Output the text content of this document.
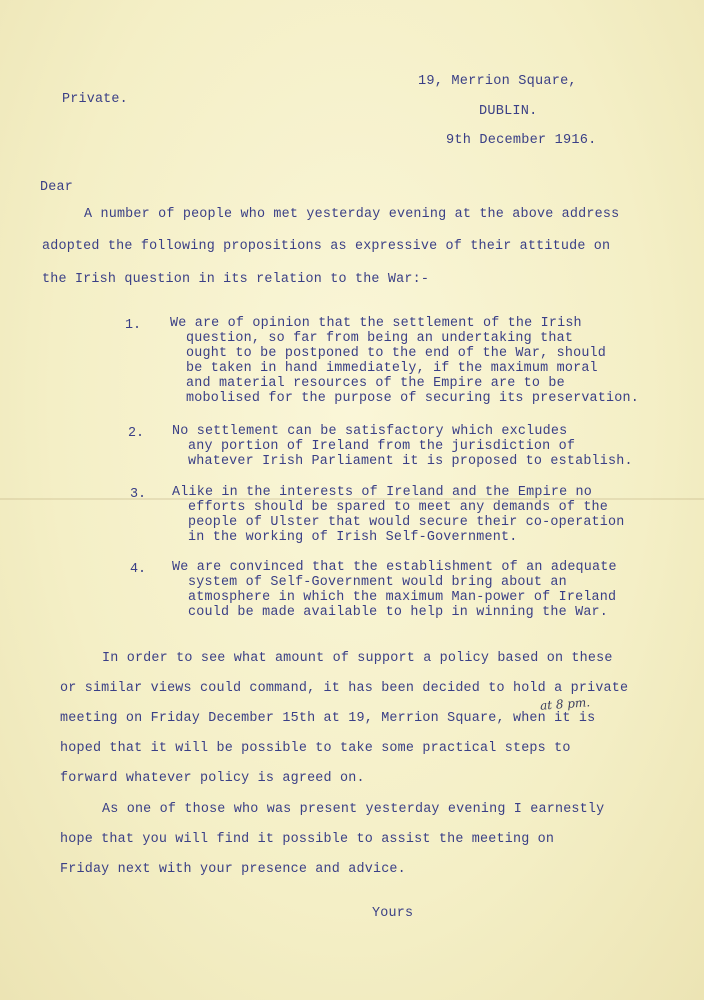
19, Merrion Square,
Private.
DUBLIN.
9th December 1916.
Dear
A number of people who met yesterday evening at the above address
adopted the following propositions as expressive of their attitude on
the Irish question in its relation to the War:-
1. We are of opinion that the settlement of the Irish
question, so far from being an undertaking that
ought to be postponed to the end of the War, should
be taken in hand immediately, if the maximum moral
and material resources of the Empire are to be
mobolised for the purpose of securing its preservation.
2. No settlement can be satisfactory which excludes
any portion of Ireland from the jurisdiction of
whatever Irish Parliament it is proposed to establish.
3. Alike in the interests of Ireland and the Empire no
efforts should be spared to meet any demands of the
people of Ulster that would secure their co-operation
in the working of Irish Self-Government.
4. We are convinced that the establishment of an adequate
system of Self-Government would bring about an
atmosphere in which the maximum Man-power of Ireland
could be made available to help in winning the War.
In order to see what amount of support a policy based on these
or similar views could command, it has been decided to hold a private
at 8 pm.
meeting on Friday December 15th at 19, Merrion Square, when it is
hoped that it will be possible to take some practical steps to
forward whatever policy is agreed on.
As one of those who was present yesterday evening I earnestly
hope that you will find it possible to assist the meeting on
Friday next with your presence and advice.
Yours
